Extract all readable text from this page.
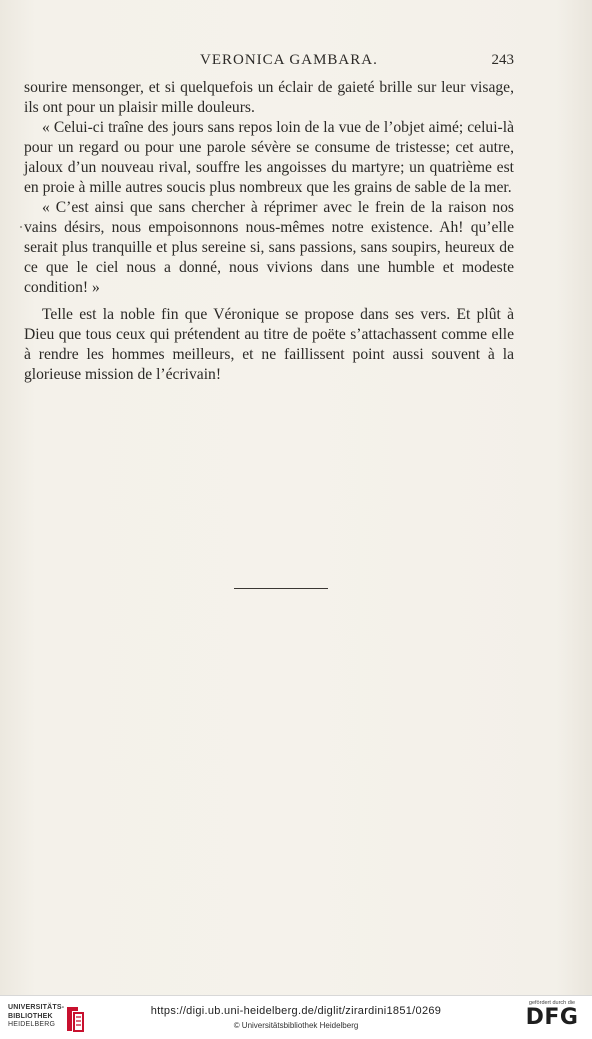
VERONICA GAMBARA.	243

sourire mensonger, et si quelquefois un éclair de gaieté brille sur leur visage, ils ont pour un plaisir mille douleurs.

« Celui-ci traîne des jours sans repos loin de la vue de l’objet aimé; celui-là pour un regard ou pour une parole sévère se consume de tristesse; cet autre, jaloux d’un nouveau rival, souffre les angoisses du martyre; un quatrième est en proie à mille autres soucis plus nombreux que les grains de sable de la mer.

« C’est ainsi que sans chercher à réprimer avec le frein de la raison nos vains désirs, nous empoisonnons nous-mêmes notre existence. Ah! qu’elle serait plus tranquille et plus sereine si, sans passions, sans soupirs, heureux de ce que le ciel nous a donné, nous vivions dans une humble et modeste condition! »

Telle est la noble fin que Véronique se propose dans ses vers. Et plût à Dieu que tous ceux qui prétendent au titre de poëte s’attachassent comme elle à rendre les hommes meilleurs, et ne faillissent point aussi souvent à la glorieuse mission de l’écrivain!

UNIVERSITÄTS-
BIBLIOTHEK
HEIDELBERG
https://digi.ub.uni-heidelberg.de/diglit/zirardini1851/0269
© Universitätsbibliothek Heidelberg
gefördert durch die
DFG
